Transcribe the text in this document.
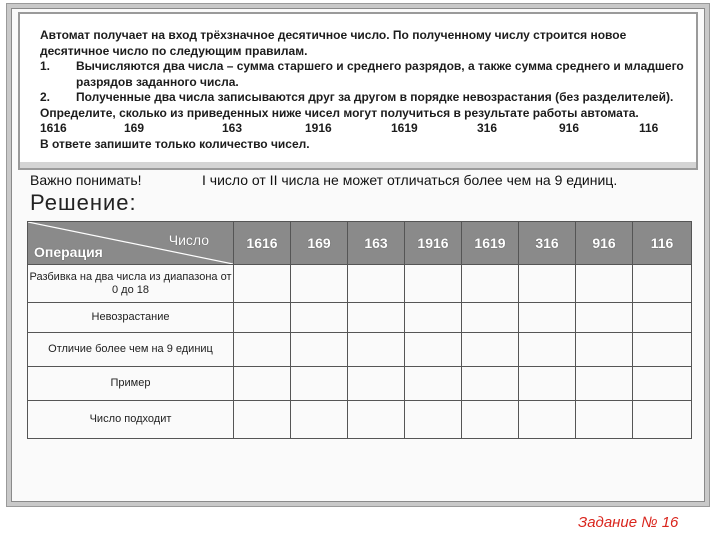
Автомат получает на вход трёхзначное десятичное число. По полученному числу строится новое
десятичное число по следующим правилам.
1.	Вычисляются два числа – сумма старшего и среднего разрядов, а также сумма среднего и младшего
разрядов заданного числа.
2.	Полученные два числа записываются друг за другом в порядке невозрастания (без разделителей).
Определите, сколько из приведенных ниже чисел могут получиться в результате работы автомата.
1616	169	163	1916	1619	316	916	116
В ответе запишите только количество чисел.
Важно понимать!	I число от II числа не может отличаться более чем на 9 единиц.
Решение:
Число
Операция	1616	169	163	1916	1619	316	916	116
Разбивка на два числа из диапазона от 0 до 18	

Невозрастание	

Отличие более чем на 9 единиц	

Пример	

Число подходит	

Задание № 16
